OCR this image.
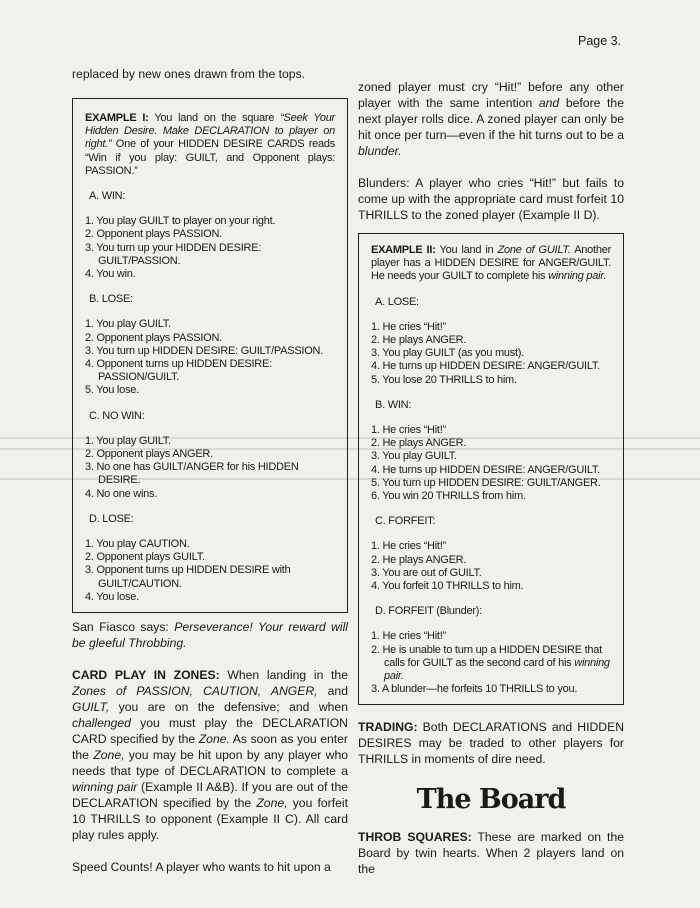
Page 3.

replaced by new ones drawn from the tops.

EXAMPLE I: You land on the square “Seek Your Hidden Desire. Make DECLARATION to player on right.” One of your HIDDEN DESIRE CARDS reads “Win if you play: GUILT, and Opponent plays: PASSION.”

A. WIN:
1. You play GUILT to player on your right.
2. Opponent plays PASSION.
3. You turn up your HIDDEN DESIRE: GUILT/PASSION.
4. You win.
B. LOSE:
1. You play GUILT.
2. Opponent plays PASSION.
3. You turn up HIDDEN DESIRE: GUILT/PASSION.
4. Opponent turns up HIDDEN DESIRE: PASSION/GUILT.
5. You lose.
C. NO WIN:
1. You play GUILT.
2. Opponent plays ANGER.
3. No one has GUILT/ANGER for his HIDDEN DESIRE.
4. No one wins.
D. LOSE:
1. You play CAUTION.
2. Opponent plays GUILT.
3. Opponent turns up HIDDEN DESIRE with GUILT/CAUTION.
4. You lose.

San Fiasco says: Perseverance! Your reward will be gleeful Throbbing.

CARD PLAY IN ZONES: When landing in the Zones of PASSION, CAUTION, ANGER, and GUILT, you are on the defensive; and when challenged you must play the DECLARATION CARD specified by the Zone. As soon as you enter the Zone, you may be hit upon by any player who needs that type of DECLARATION to complete a winning pair (Example II A&B). If you are out of the DECLARATION specified by the Zone, you forfeit 10 THRILLS to opponent (Example II C). All card play rules apply.

Speed Counts! A player who wants to hit upon a

zoned player must cry “Hit!” before any other player with the same intention and before the next player rolls dice. A zoned player can only be hit once per turn—even if the hit turns out to be a blunder.

Blunders: A player who cries “Hit!” but fails to come up with the appropriate card must forfeit 10 THRILLS to the zoned player (Example II D).

EXAMPLE II: You land in Zone of GUILT. Another player has a HIDDEN DESIRE for ANGER/GUILT. He needs your GUILT to complete his winning pair.

A. LOSE:
1. He cries “Hit!”
2. He plays ANGER.
3. You play GUILT (as you must).
4. He turns up HIDDEN DESIRE: ANGER/GUILT.
5. You lose 20 THRILLS to him.
B. WIN:
1. He cries “Hit!”
2. He plays ANGER.
3. You play GUILT.
4. He turns up HIDDEN DESIRE: ANGER/GUILT.
5. You turn up HIDDEN DESIRE: GUILT/ANGER.
6. You win 20 THRILLS from him.
C. FORFEIT:
1. He cries “Hit!”
2. He plays ANGER.
3. You are out of GUILT.
4. You forfeit 10 THRILLS to him.
D. FORFEIT (Blunder):
1. He cries “Hit!”
2. He is unable to turn up a HIDDEN DESIRE that calls for GUILT as the second card of his winning pair.
3. A blunder—he forfeits 10 THRILLS to you.

TRADING: Both DECLARATIONS and HIDDEN DESIRES may be traded to other players for THRILLS in moments of dire need.

The Board

THROB SQUARES: These are marked on the Board by twin hearts. When 2 players land on the
